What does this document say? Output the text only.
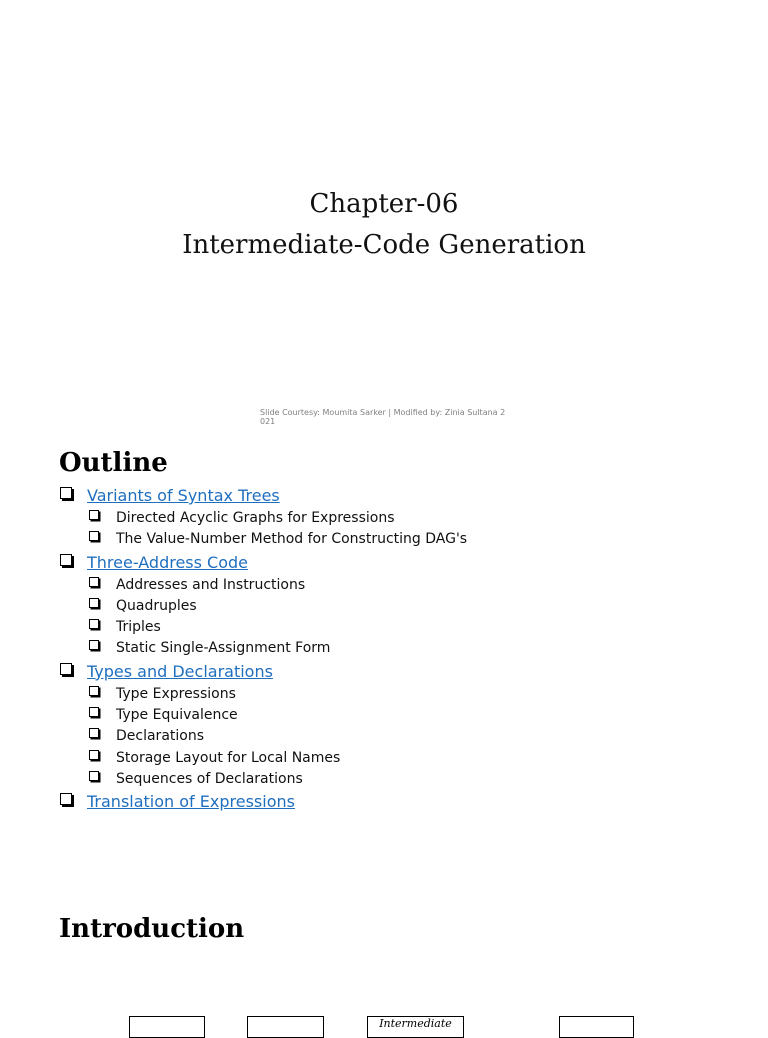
Chapter-06
Intermediate-Code Generation
Slide Courtesy: Moumita Sarker | Modified by: Zinia Sultana 2021
Outline
Variants of Syntax Trees
Directed Acyclic Graphs for Expressions
The Value-Number Method for Constructing DAG's
Three-Address Code
Addresses and Instructions
Quadruples
Triples
Static Single-Assignment Form
Types and Declarations
Type Expressions
Type Equivalence
Declarations
Storage Layout for Local Names
Sequences of Declarations
Translation of Expressions
Introduction
Intermediate
